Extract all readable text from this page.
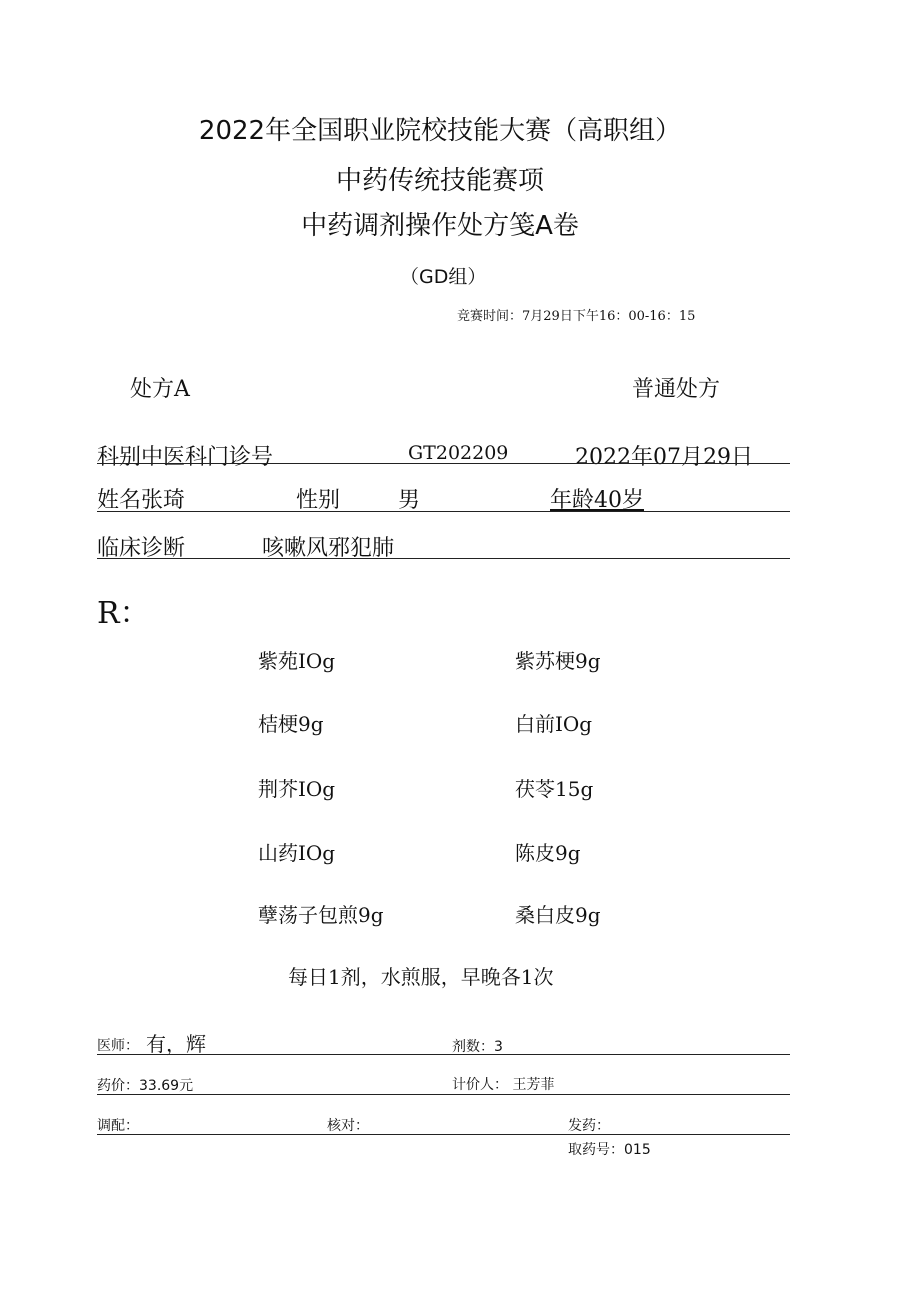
2022年全国职业院校技能大赛（高职组）
中药传统技能赛项
中药调剂操作处方笺A卷
（GD组）
竞赛时间：7月29日下午16：00-16：15
处方A	普通处方
科别中医科门诊号	GT202209	2022年07月29日
姓名张琦	性别	男	年龄40岁
临床诊断	咳嗽风邪犯肺
R：
紫苑IOg	紫苏梗9g
桔梗9g	白前IOg
荆芥IOg	茯苓15g
山药IOg	陈皮9g
孽荡子包煎9g	桑白皮9g
每日1剂，水煎服，早晚各1次
医师： 有，辉	剂数：3
药价：33.69元	计价人： 王芳菲
调配：	核对：	发药：
取药号：015
